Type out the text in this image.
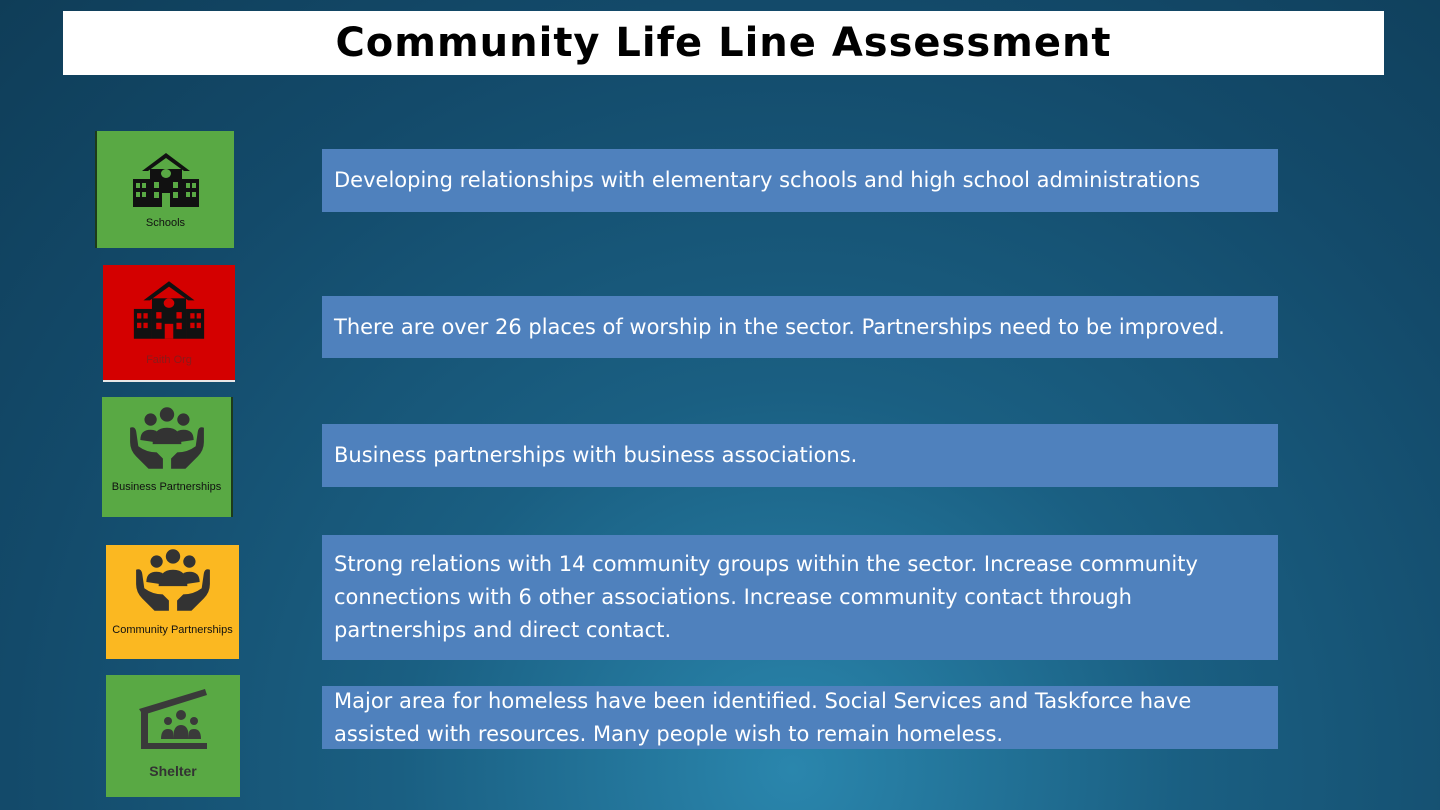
Community Life Line Assessment
Schools
Developing relationships with elementary schools and high school administrations
Faith Org
There are over 26 places of worship in the sector. Partnerships need to be improved.
Business Partnerships
Business partnerships with business associations.
Community Partnerships
Strong relations with 14 community groups within the sector. Increase community connections with 6 other associations. Increase community contact through partnerships and direct contact.
Shelter
Major area for homeless have been identified. Social Services and Taskforce have assisted with resources. Many people wish to remain homeless.
